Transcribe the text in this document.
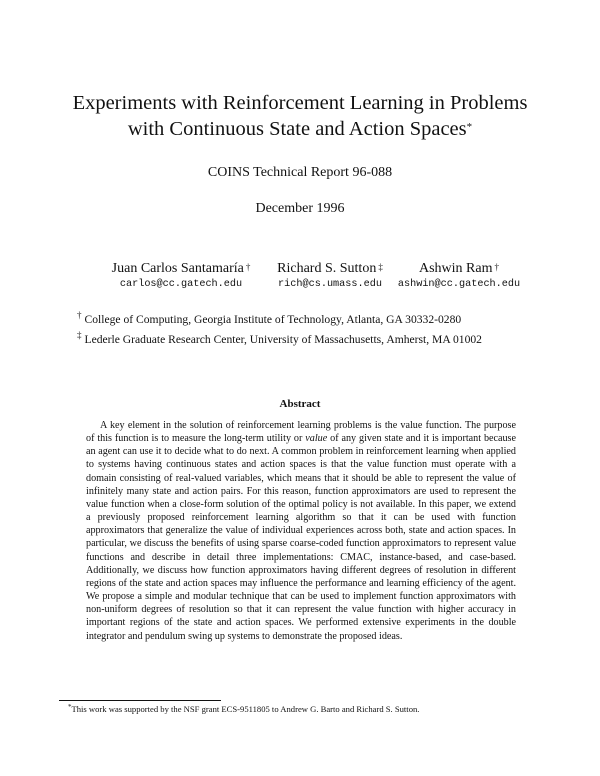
Experiments with Reinforcement Learning in Problems
with Continuous State and Action Spaces*
COINS Technical Report 96-088
December 1996
Juan Carlos Santamaría †
carlos@cc.gatech.edu
Richard S. Sutton ‡
rich@cs.umass.edu
Ashwin Ram †
ashwin@cc.gatech.edu
† College of Computing, Georgia Institute of Technology, Atlanta, GA 30332-0280
‡ Lederle Graduate Research Center, University of Massachusetts, Amherst, MA 01002
Abstract

A key element in the solution of reinforcement learning problems is the value function. The purpose of this function is to measure the long-term utility or value of any given state and it is important because an agent can use it to decide what to do next. A common problem in reinforcement learning when applied to systems having continuous states and action spaces is that the value function must operate with a domain consisting of real-valued variables, which means that it should be able to represent the value of infinitely many state and action pairs. For this reason, function approximators are used to represent the value function when a close-form solution of the optimal policy is not available. In this paper, we extend a previously proposed reinforcement learning algorithm so that it can be used with function approximators that generalize the value of individual experiences across both, state and action spaces. In particular, we discuss the benefits of using sparse coarse-coded function approximators to represent value functions and describe in detail three implementations: CMAC, instance-based, and case-based. Additionally, we discuss how function approximators having different degrees of resolution in different regions of the state and action spaces may influence the performance and learning efficiency of the agent. We propose a simple and modular technique that can be used to implement function approximators with non-uniform degrees of resolution so that it can represent the value function with higher accuracy in important regions of the state and action spaces. We performed extensive experiments in the double integrator and pendulum swing up systems to demonstrate the proposed ideas.

*This work was supported by the NSF grant ECS-9511805 to Andrew G. Barto and Richard S. Sutton.
